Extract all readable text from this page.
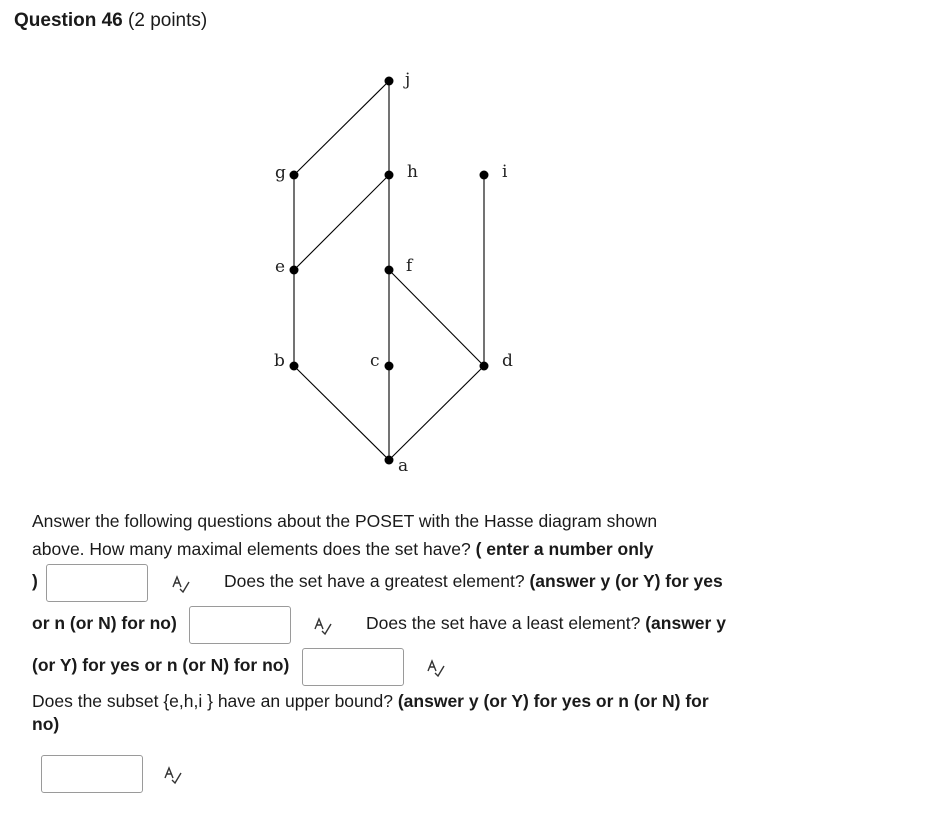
Question 46 (2 points)
j
g	h	i
e	f
b	c	d
a
Answer the following questions about the POSET with the Hasse diagram shown
above. How many maximal elements does the set have? ( enter a number only
)	Does the set have a greatest element? (answer y (or Y) for yes
or n (or N) for no)	Does the set have a least element? (answer y
(or Y) for yes or n (or N) for no)
Does the subset {e,h,i } have an upper bound? (answer y (or Y) for yes or n (or N) for
no)
